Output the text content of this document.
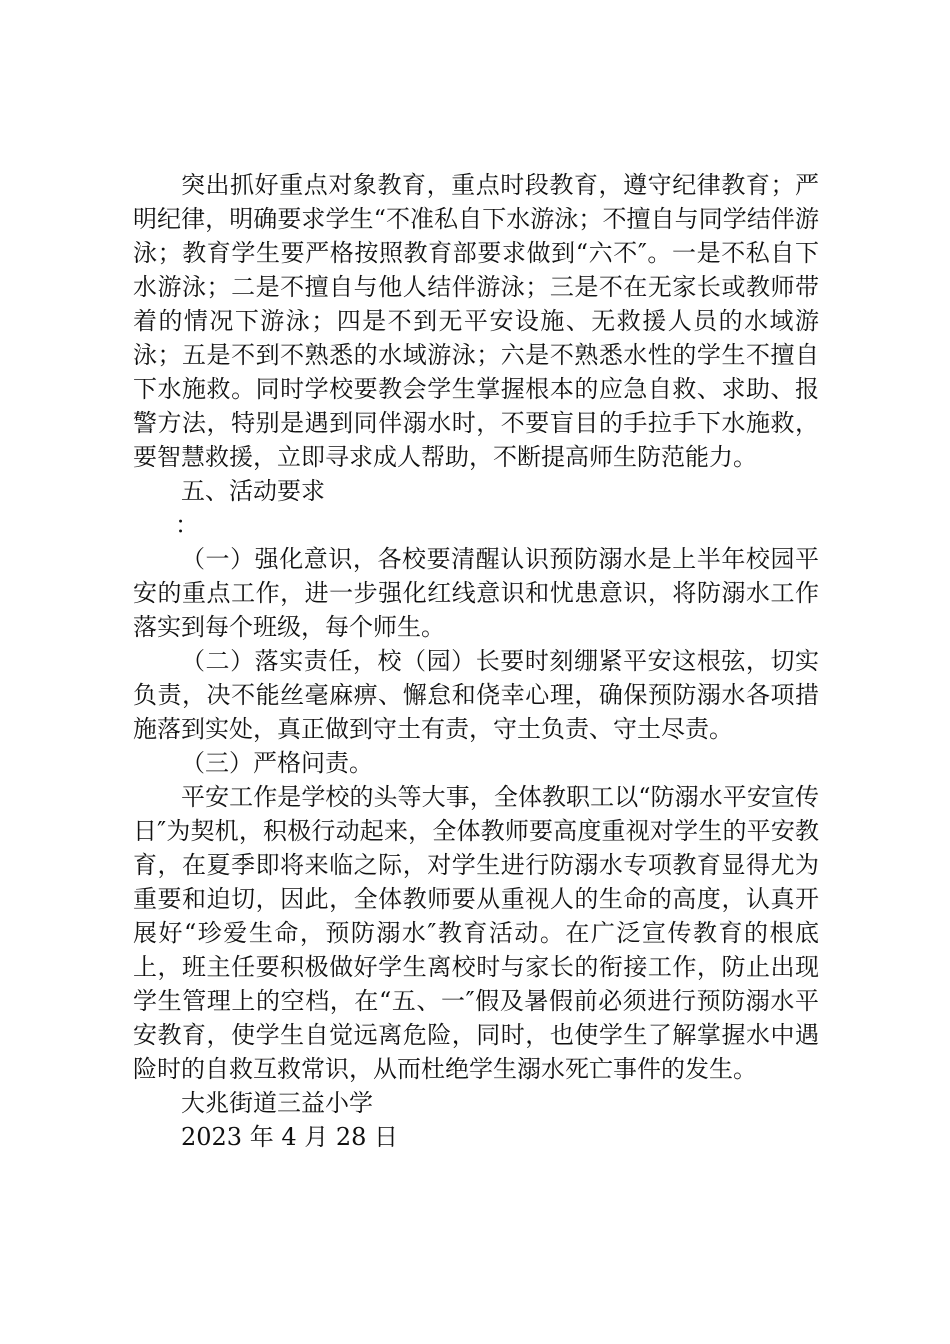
突出抓好重点对象教育，重点时段教育，遵守纪律教育；严明纪律，明确要求学生“不准私自下水游泳；不擅自与同学结伴游泳；教育学生要严格按照教育部要求做到“六不″。一是不私自下水游泳；二是不擅自与他人结伴游泳；三是不在无家长或教师带着的情况下游泳；四是不到无平安设施、无救援人员的水域游泳；五是不到不熟悉的水域游泳；六是不熟悉水性的学生不擅自下水施救。同时学校要教会学生掌握根本的应急自救、求助、报警方法，特别是遇到同伴溺水时，不要盲目的手拉手下水施救，要智慧救援，立即寻求成人帮助，不断提高师生防范能力。

五、活动要求

：

（一）强化意识，各校要清醒认识预防溺水是上半年校园平安的重点工作，进一步强化红线意识和忧患意识，将防溺水工作落实到每个班级，每个师生。

（二）落实责任，校（园）长要时刻绷紧平安这根弦，切实负责，决不能丝毫麻痹、懈怠和侥幸心理，确保预防溺水各项措施落到实处，真正做到守土有责，守土负责、守土尽责。

（三）严格问责。

平安工作是学校的头等大事，全体教职工以“防溺水平安宣传日″为契机，积极行动起来，全体教师要高度重视对学生的平安教育，在夏季即将来临之际，对学生进行防溺水专项教育显得尤为重要和迫切，因此，全体教师要从重视人的生命的高度，认真开展好“珍爱生命，预防溺水″教育活动。在广泛宣传教育的根底上，班主任要积极做好学生离校时与家长的衔接工作，防止出现学生管理上的空档，在“五、一″假及暑假前必须进行预防溺水平安教育，使学生自觉远离危险，同时，也使学生了解掌握水中遇险时的自救互救常识，从而杜绝学生溺水死亡事件的发生。

大兆街道三益小学

2023 年 4 月 28 日
